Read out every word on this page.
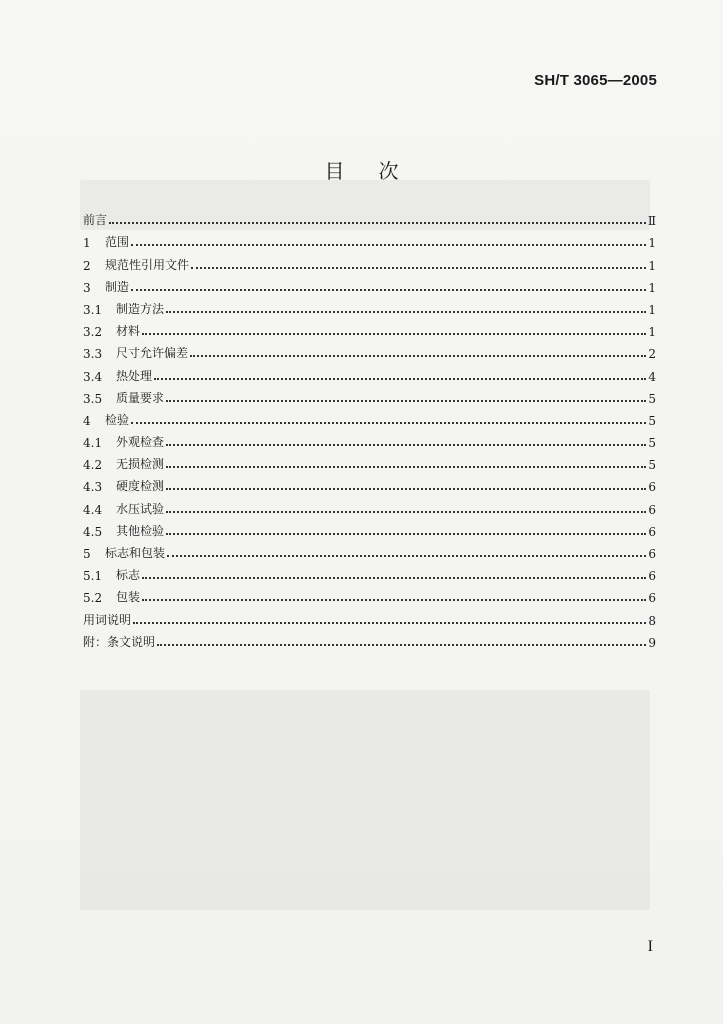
SH/T 3065—2005
目次
前言	Ⅱ
1	范围	1
2	规范性引用文件	1
3	制造	1
3.1	制造方法	1
3.2	材料	1
3.3	尺寸允许偏差	2
3.4	热处理	4
3.5	质量要求	5
4	检验	5
4.1	外观检查	5
4.2	无损检测	5
4.3	硬度检测	6
4.4	水压试验	6
4.5	其他检验	6
5	标志和包装	6
5.1	标志	6
5.2	包装	6
用词说明	8
附：条文说明	9
I
